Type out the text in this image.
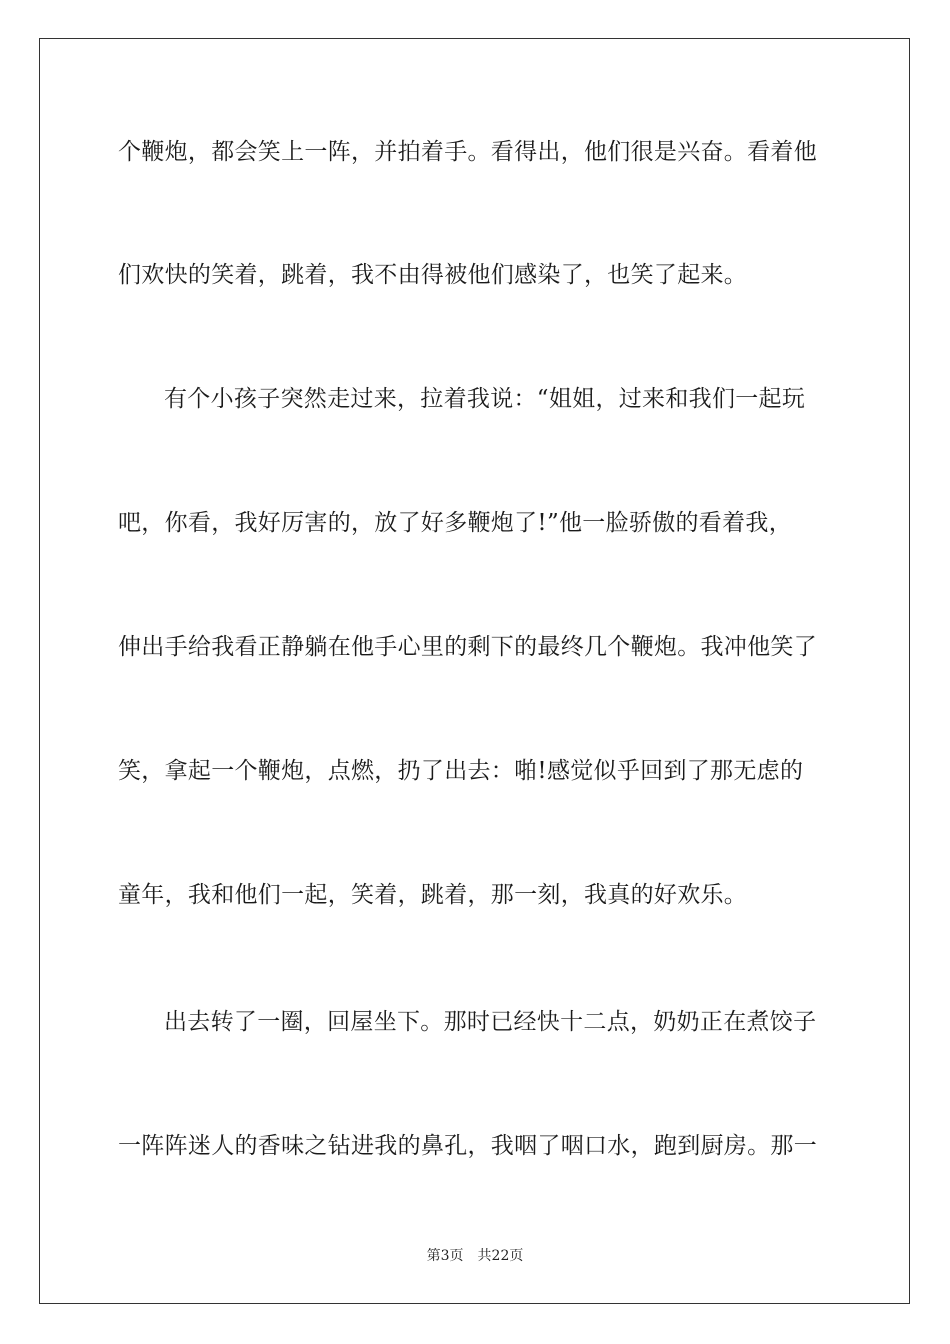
个鞭炮，都会笑上一阵，并拍着手。看得出，他们很是兴奋。看着他
们欢快的笑着，跳着，我不由得被他们感染了，也笑了起来。
有个小孩子突然走过来，拉着我说：“姐姐，过来和我们一起玩
吧，你看，我好厉害的，放了好多鞭炮了!”他一脸骄傲的看着我，
伸出手给我看正静躺在他手心里的剩下的最终几个鞭炮。我冲他笑了
笑，拿起一个鞭炮，点燃，扔了出去：啪!感觉似乎回到了那无虑的
童年，我和他们一起，笑着，跳着，那一刻，我真的好欢乐。
出去转了一圈，回屋坐下。那时已经快十二点，奶奶正在煮饺子
一阵阵迷人的香味之钻进我的鼻孔，我咽了咽口水，跑到厨房。那一
第3页 共22页
